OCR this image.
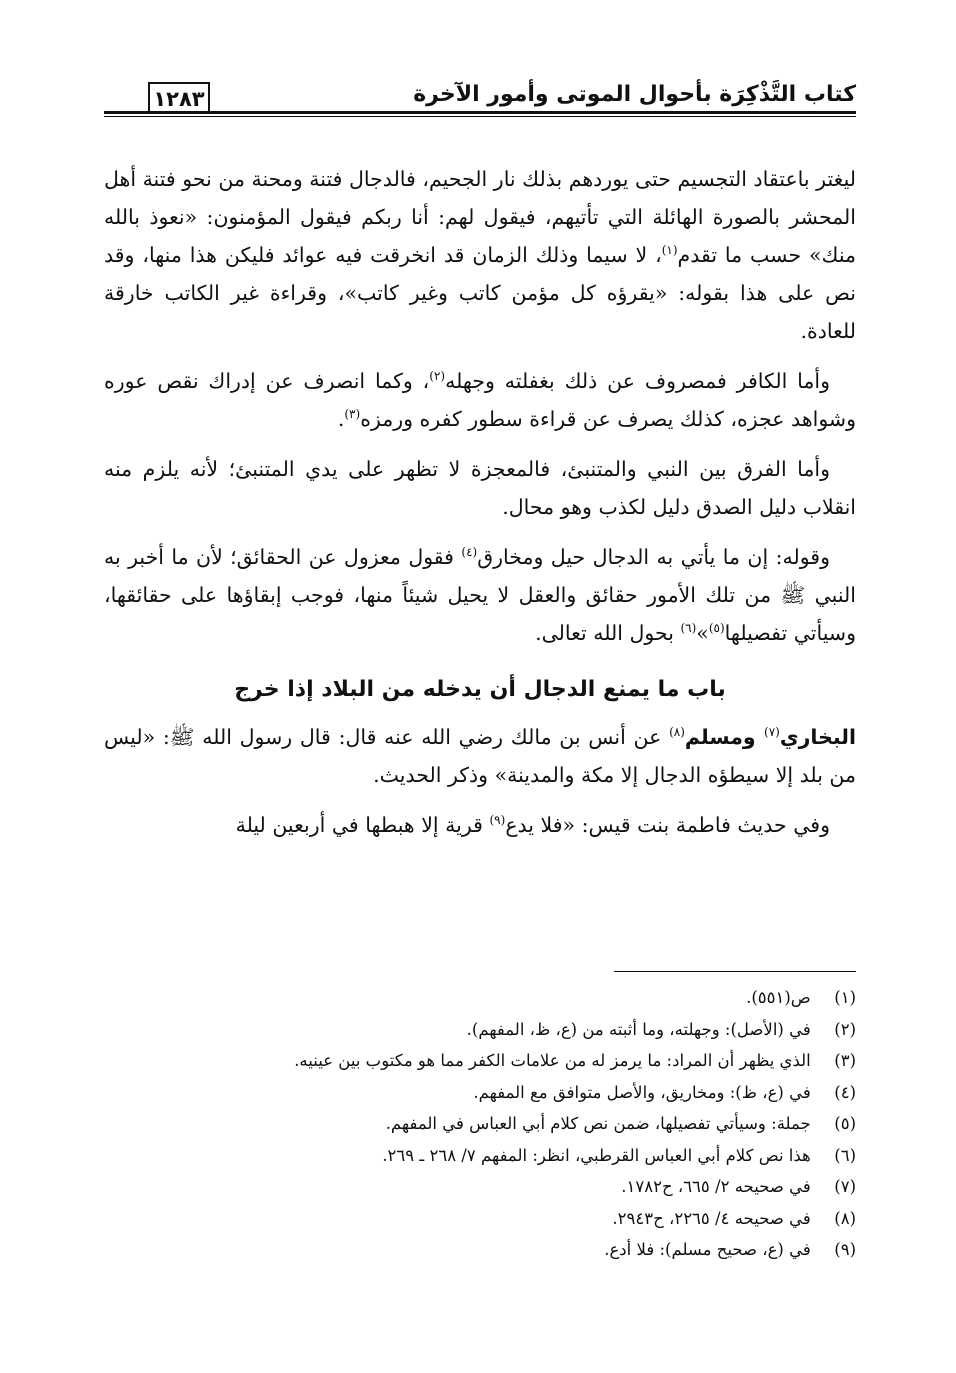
كتاب التَّذْكِرَة بأحوال الموتى وأمور الآخرة
١٢٨٣

ليغتر باعتقاد التجسيم حتى يوردهم بذلك نار الجحيم، فالدجال فتنة ومحنة من نحو فتنة أهل المحشر بالصورة الهائلة التي تأتيهم، فيقول لهم: أنا ربكم فيقول المؤمنون: «نعوذ بالله منك» حسب ما تقدم$^{(١)}$، لا سيما وذلك الزمان قد انخرقت فيه عوائد فليكن هذا منها، وقد نص على هذا بقوله: «يقرؤه كل مؤمن كاتب وغير كاتب»، وقراءة غير الكاتب خارقة للعادة.

وأما الكافر فمصروف عن ذلك بغفلته وجهله$^{(٢)}$، وكما انصرف عن إدراك نقص عوره وشواهد عجزه، كذلك يصرف عن قراءة سطور كفره ورمزه$^{(٣)}$.

وأما الفرق بين النبي والمتنبئ، فالمعجزة لا تظهر على يدي المتنبئ؛ لأنه يلزم منه انقلاب دليل الصدق دليل لكذب وهو محال.

وقوله: إن ما يأتي به الدجال حيل ومخارق$^{(٤)}$ فقول معزول عن الحقائق؛ لأن ما أخبر به النبي ﷺ من تلك الأمور حقائق والعقل لا يحيل شيئاً منها، فوجب إبقاؤها على حقائقها، وسيأتي تفصيلها$^{(٥)}$»$^{(٦)}$ بحول الله تعالى.

باب ما يمنع الدجال أن يدخله من البلاد إذا خرج

البخاري$^{(٧)}$ ومسلم$^{(٨)}$ عن أنس بن مالك رضي الله عنه قال: قال رسول الله ﷺ: «ليس من بلد إلا سيطؤه الدجال إلا مكة والمدينة» وذكر الحديث.

وفي حديث فاطمة بنت قيس: «فلا يدع$^{(٩)}$ قرية إلا هبطها في أربعين ليلة

(١) ص(٥٥١).
(٢) في (الأصل): وجهلته، وما أثبته من (ع، ظ، المفهم).
(٣) الذي يظهر أن المراد: ما يرمز له من علامات الكفر مما هو مكتوب بين عينيه.
(٤) في (ع، ظ): ومخاريق، والأصل متوافق مع المفهم.
(٥) جملة: وسيأتي تفصيلها، ضمن نص كلام أبي العباس في المفهم.
(٦) هذا نص كلام أبي العباس القرطبي، انظر: المفهم ٧/ ٢٦٨ ـ ٢٦٩.
(٧) في صحيحه ٢/ ٦٦٥، ح١٧٨٢.
(٨) في صحيحه ٤/ ٢٢٦٥، ح٢٩٤٣.
(٩) في (ع، صحيح مسلم): فلا أدع.
